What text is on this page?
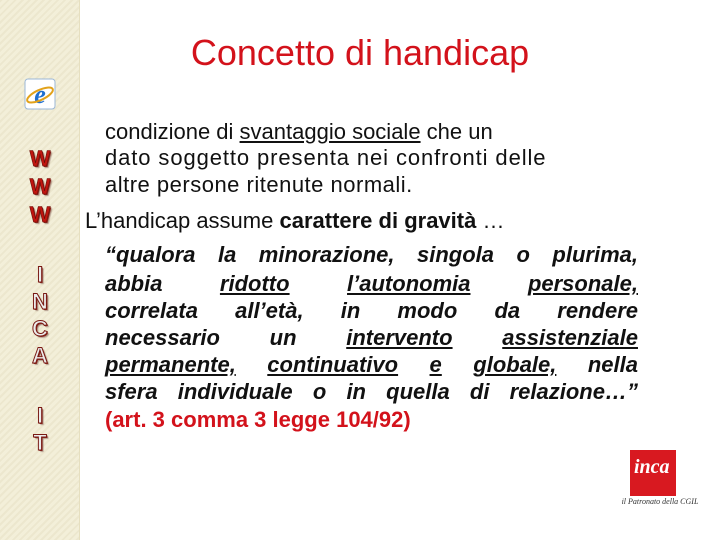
e
W
W
W
I
N
C
A
I
T
Concetto di handicap
condizione di svantaggio sociale che un
dato soggetto presenta nei confronti delle
altre persone ritenute normali.
L’handicap assume carattere di gravità …
“qualora la minorazione, singola o plurima,
abbia	ridotto	l’autonomia	personale,
correlata all’età, in modo da rendere
necessario un intervento assistenziale
permanente, continuativo e globale, nella
sfera individuale o in quella di relazione…”
(art. 3 comma 3 legge 104/92)
inca
il Patronato della CGIL
